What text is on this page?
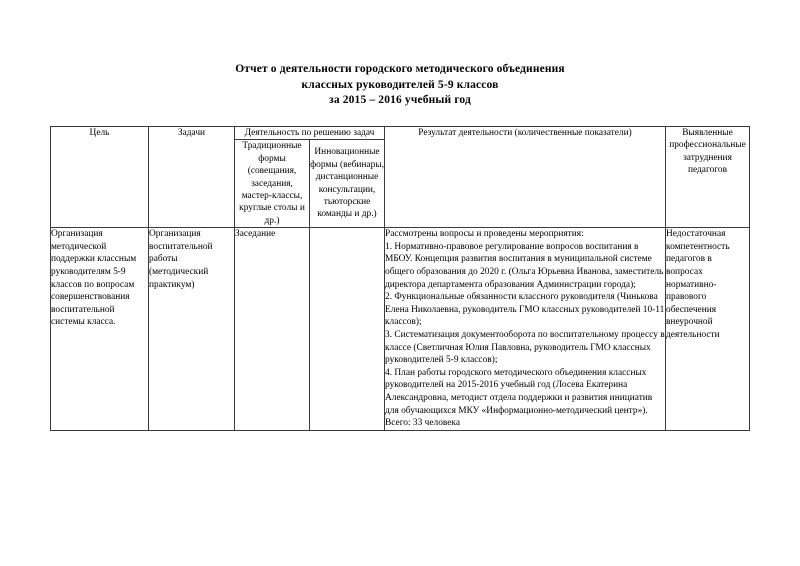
Отчет о деятельности городского методического объединения
классных руководителей 5-9 классов
за 2015 – 2016 учебный год
Цель	Задачи	Деятельность по решению задач		Результат деятельности (количественные показатели)	Выявленные профессиональные затруднения педагогов
		Традиционные формы (совещания, заседания, мастер-классы, круглые столы и др.)	Инновационные формы (вебинары, дистанционные консультации, тьюторские команды и др.)		
Организация методической поддержки классным руководителям 5-9 классов по вопросам совершенствования воспитательной системы класса.	Организация воспитательной работы (методический практикум)	Заседание		Рассмотрены вопросы и проведены мероприятия:

1. Нормативно-правовое регулирование вопросов воспитания в МБОУ. Концепция развития воспитания в муниципальной системе общего образования до 2020 г. (Ольга Юрьевна Иванова, заместитель директора департамента образования Администрации города);

2. Функциональные обязанности классного руководителя (Чинькова Елена Николаевна, руководитель ГМО классных руководителей 10-11 классов);

3. Систематизация документооборота по воспитательному процессу в классе (Светличная Юлия Павловна, руководитель ГМО классных руководителей 5-9 классов);

4. План работы городского методического объединения классных руководителей на 2015-2016 учебный год (Лосева Екатерина Александровна, методист отдела поддержки и развития инициатив для обучающихся МКУ «Информационно-методический центр»).

Всего: 33 человека

	Недостаточная компетентность педагогов в вопросах нормативно-правового обеспечения внеурочной деятельности
